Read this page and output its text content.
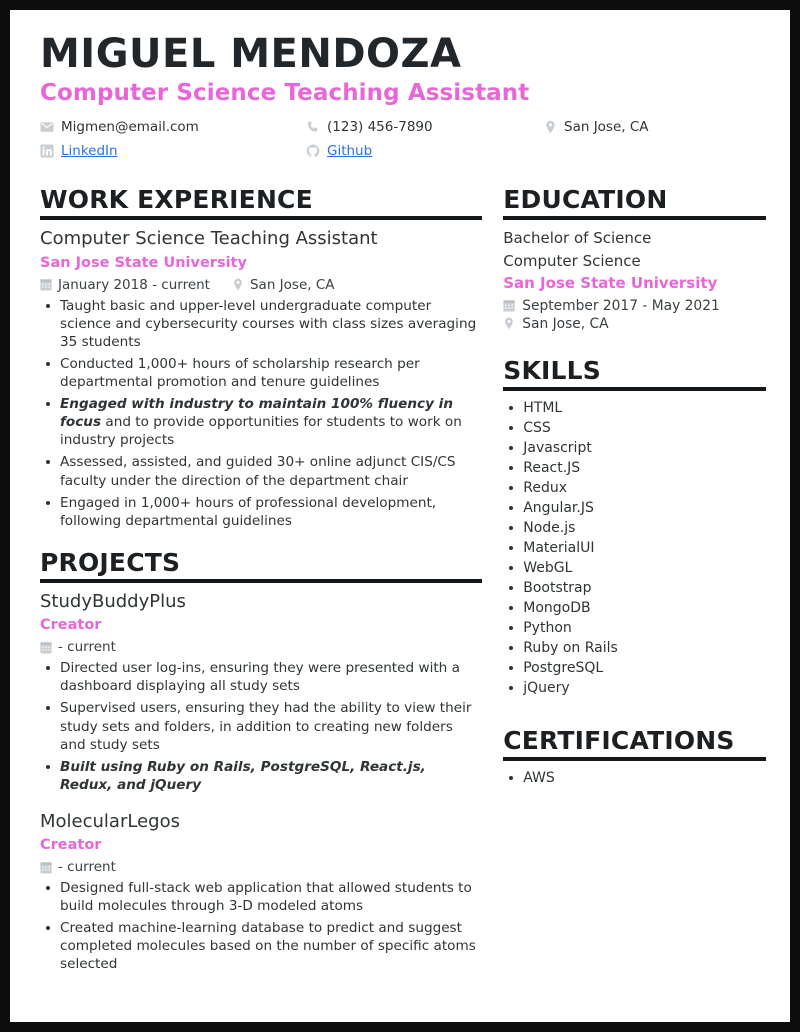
MIGUEL MENDOZA
Computer Science Teaching Assistant
Migmen@email.com	(123) 456-7890	San Jose, CA
LinkedIn	Github
WORK EXPERIENCE
Computer Science Teaching Assistant
San Jose State University
January 2018 - current	San Jose, CA
Taught basic and upper-level undergraduate computer science and cybersecurity courses with class sizes averaging 35 students
Conducted 1,000+ hours of scholarship research per departmental promotion and tenure guidelines
Engaged with industry to maintain 100% fluency in focus and to provide opportunities for students to work on industry projects
Assessed, assisted, and guided 30+ online adjunct CIS/CS faculty under the direction of the department chair
Engaged in 1,000+ hours of professional development, following departmental guidelines
PROJECTS
StudyBuddyPlus
Creator
- current
Directed user log-ins, ensuring they were presented with a dashboard displaying all study sets
Supervised users, ensuring they had the ability to view their study sets and folders, in addition to creating new folders and study sets
Built using Ruby on Rails, PostgreSQL, React.js, Redux, and jQuery
MolecularLegos
Creator
- current
Designed full-stack web application that allowed students to build molecules through 3-D modeled atoms
Created machine-learning database to predict and suggest completed molecules based on the number of specific atoms selected
EDUCATION
Bachelor of Science
Computer Science
San Jose State University
September 2017 - May 2021
San Jose, CA
SKILLS
HTML
CSS
Javascript
React.JS
Redux
Angular.JS
Node.js
MaterialUI
WebGL
Bootstrap
MongoDB
Python
Ruby on Rails
PostgreSQL
jQuery
CERTIFICATIONS
AWS
